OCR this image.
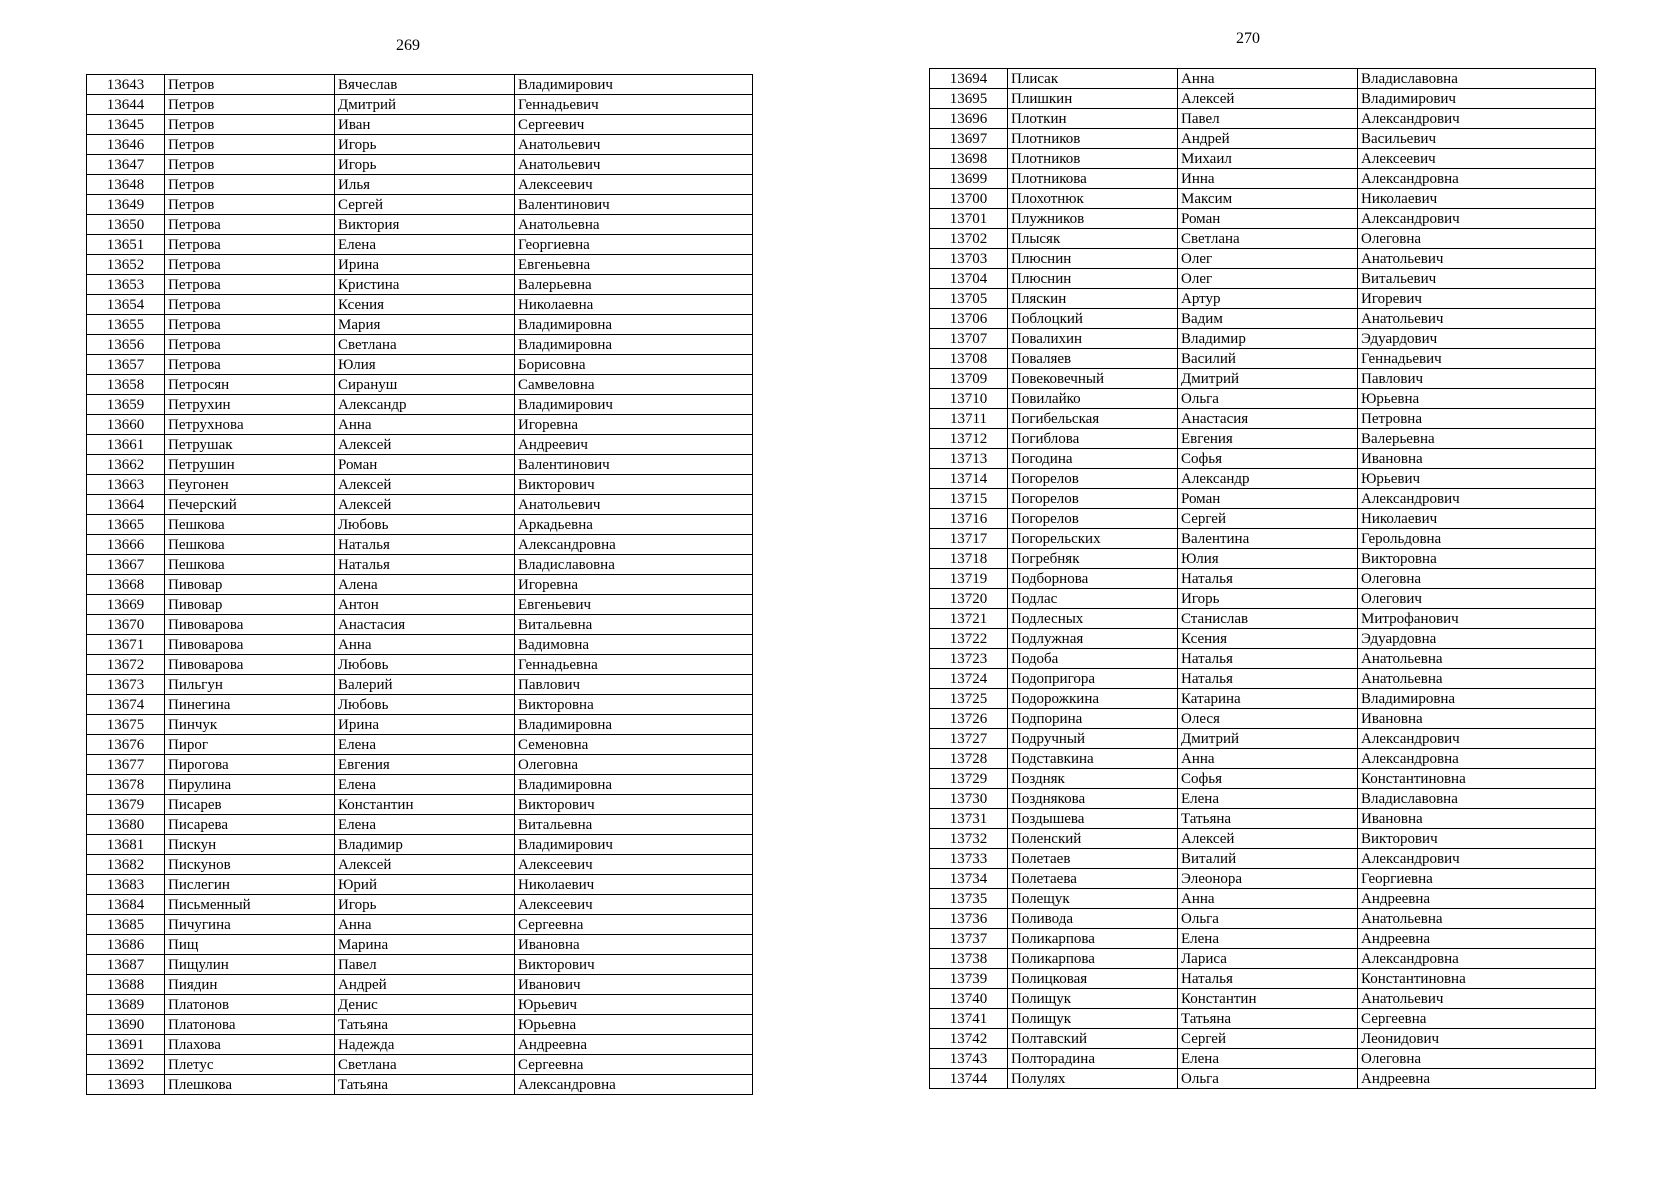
269
13643	Петров	Вячеслав	Владимирович
13644	Петров	Дмитрий	Геннадьевич
13645	Петров	Иван	Сергеевич
13646	Петров	Игорь	Анатольевич
13647	Петров	Игорь	Анатольевич
13648	Петров	Илья	Алексеевич
13649	Петров	Сергей	Валентинович
13650	Петрова	Виктория	Анатольевна
13651	Петрова	Елена	Георгиевна
13652	Петрова	Ирина	Евгеньевна
13653	Петрова	Кристина	Валерьевна
13654	Петрова	Ксения	Николаевна
13655	Петрова	Мария	Владимировна
13656	Петрова	Светлана	Владимировна
13657	Петрова	Юлия	Борисовна
13658	Петросян	Сирануш	Самвеловна
13659	Петрухин	Александр	Владимирович
13660	Петрухнова	Анна	Игоревна
13661	Петрушак	Алексей	Андреевич
13662	Петрушин	Роман	Валентинович
13663	Пеугонен	Алексей	Викторович
13664	Печерский	Алексей	Анатольевич
13665	Пешкова	Любовь	Аркадьевна
13666	Пешкова	Наталья	Александровна
13667	Пешкова	Наталья	Владиславовна
13668	Пивовар	Алена	Игоревна
13669	Пивовар	Антон	Евгеньевич
13670	Пивоварова	Анастасия	Витальевна
13671	Пивоварова	Анна	Вадимовна
13672	Пивоварова	Любовь	Геннадьевна
13673	Пильгун	Валерий	Павлович
13674	Пинегина	Любовь	Викторовна
13675	Пинчук	Ирина	Владимировна
13676	Пирог	Елена	Семеновна
13677	Пирогова	Евгения	Олеговна
13678	Пирулина	Елена	Владимировна
13679	Писарев	Константин	Викторович
13680	Писарева	Елена	Витальевна
13681	Пискун	Владимир	Владимирович
13682	Пискунов	Алексей	Алексеевич
13683	Пислегин	Юрий	Николаевич
13684	Письменный	Игорь	Алексеевич
13685	Пичугина	Анна	Сергеевна
13686	Пищ	Марина	Ивановна
13687	Пищулин	Павел	Викторович
13688	Пиядин	Андрей	Иванович
13689	Платонов	Денис	Юрьевич
13690	Платонова	Татьяна	Юрьевна
13691	Плахова	Надежда	Андреевна
13692	Плетус	Светлана	Сергеевна
13693	Плешкова	Татьяна	Александровна
270
13694	Плисак	Анна	Владиславовна
13695	Плишкин	Алексей	Владимирович
13696	Плоткин	Павел	Александрович
13697	Плотников	Андрей	Васильевич
13698	Плотников	Михаил	Алексеевич
13699	Плотникова	Инна	Александровна
13700	Плохотнюк	Максим	Николаевич
13701	Плужников	Роман	Александрович
13702	Плысяк	Светлана	Олеговна
13703	Плюснин	Олег	Анатольевич
13704	Плюснин	Олег	Витальевич
13705	Пляскин	Артур	Игоревич
13706	Поблоцкий	Вадим	Анатольевич
13707	Повалихин	Владимир	Эдуардович
13708	Поваляев	Василий	Геннадьевич
13709	Повековечный	Дмитрий	Павлович
13710	Повилайко	Ольга	Юрьевна
13711	Погибельская	Анастасия	Петровна
13712	Погиблова	Евгения	Валерьевна
13713	Погодина	Софья	Ивановна
13714	Погорелов	Александр	Юрьевич
13715	Погорелов	Роман	Александрович
13716	Погорелов	Сергей	Николаевич
13717	Погорельских	Валентина	Герольдовна
13718	Погребняк	Юлия	Викторовна
13719	Подборнова	Наталья	Олеговна
13720	Подлас	Игорь	Олегович
13721	Подлесных	Станислав	Митрофанович
13722	Подлужная	Ксения	Эдуардовна
13723	Подоба	Наталья	Анатольевна
13724	Подопригора	Наталья	Анатольевна
13725	Подорожкина	Катарина	Владимировна
13726	Подпорина	Олеся	Ивановна
13727	Подручный	Дмитрий	Александрович
13728	Подставкина	Анна	Александровна
13729	Поздняк	Софья	Константиновна
13730	Позднякова	Елена	Владиславовна
13731	Поздышева	Татьяна	Ивановна
13732	Поленский	Алексей	Викторович
13733	Полетаев	Виталий	Александрович
13734	Полетаева	Элеонора	Георгиевна
13735	Полещук	Анна	Андреевна
13736	Поливода	Ольга	Анатольевна
13737	Поликарпова	Елена	Андреевна
13738	Поликарпова	Лариса	Александровна
13739	Полицковая	Наталья	Константиновна
13740	Полищук	Константин	Анатольевич
13741	Полищук	Татьяна	Сергеевна
13742	Полтавский	Сергей	Леонидович
13743	Полторадина	Елена	Олеговна
13744	Полулях	Ольга	Андреевна
